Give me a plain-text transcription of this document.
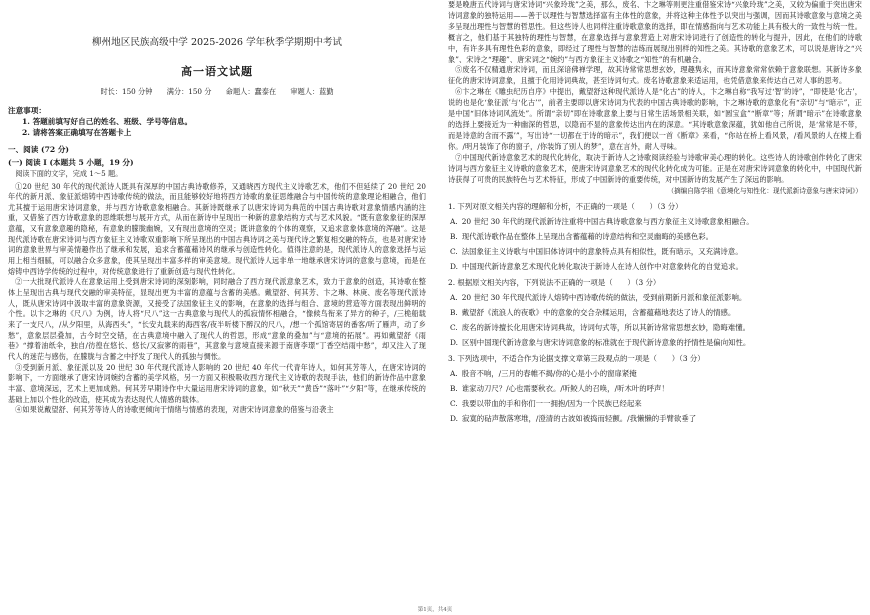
柳州地区民族高级中学 2025-2026 学年秋季学期期中考试
高一语文试题
时长：150 分钟 满分：150 分 命题人：蠢泰在 审题人：蓝勤
注意事项：
1. 答题前填写好自己的姓名、班级、学号等信息。
2. 请将答案正确填写在答题卡上
一、阅读 (72 分)
(一) 阅读 I (本题共 5 小题，19 分)
阅读下面的文字，完成 1～5 题。

①20 世纪 30 年代的现代派诗人既具有深厚的中国古典诗歌修养，又通晓西方现代主义诗歌艺术，他们不但延续了 20 世纪 20 年代的新月派、象征派熔铸中西诗歌传统的做法，而且能够较好地将西方诗歌的象征思维融合与中国传统的意象理论相融合，他们尤其擅于运用唐宋诗词意象，并与西方诗歌意象相融合。其新诗既继承了以唐宋诗词为典范的中国古典诗歌对意象情感内涵的注重，又借鉴了西方诗歌意象的思维联想与展开方式，从而在新诗中呈现出一种新的意象结构方式与艺术风貌。“既有意象象征的深厚意蕴，又有意象意趣的隐秘，有意象的朦胧幽婉，又有现出意境的空灵；既讲意象的个体的观察，又追求意象体意境的浑融”。这是现代派诗歌在唐宋诗词与西方象征主义诗歌双重影响下所呈现出的中国古典诗词之美与现代诗之繁复相交融的特点，也是对唐宋诗词的意象世界与审美情趣作出了继承和发展，追求含蓄蕴藉诗风的继承与创造性转化。值得注意的是，现代派诗人的意象选择与运用上相当细腻，可以融合众多意象，使其呈现出丰富多样的审美意境。现代派诗人远非单一地继承唐宋诗词的意象与意境，而是在熔铸中西诗学传统的过程中，对传统意象进行了重新创造与现代性转化。

②一大批现代派诗人在意象运用上受到唐宋诗词的深刻影响，同时融合了西方现代派意象艺术，致力于意象的创造，其诗歌在整体上呈现出古典与现代交融的审美特征，显现出更为丰富的意蕴与含蓄的美感。戴望舒、何其芳、卞之琳、林庚、废名等现代派诗人，既从唐宋诗词中汲取丰富的意象资源，又接受了法国象征主义的影响，在意象的选择与组合、意境的营造等方面表现出鲜明的个性。以卞之琳的《尺八》为例，诗人将“尺八”这一古典意象与现代人的孤寂情怀相融合，“像候鸟衔来了异方的种子，/三桅船载来了一支尺八，/从夕阳里，从海西头”，“长安丸载来的海西客/夜半听楼下醉汉的尺八，/想一个孤馆寄居的番客/听了雁声，动了乡愁”，意象层层叠加，古今时空交错，在古典意境中融入了现代人的哲思，形成“意象的叠加”与“意境的拓展”。再如戴望舒《雨巷》“撑着油纸伞，独自/彷徨在悠长、悠长/又寂寥的雨巷”，其意象与意境直接来源于南唐李璟“丁香空结雨中愁”，却又注入了现代人的迷茫与感伤，在朦胧与含蓄之中抒发了现代人的孤独与惆怅。

③受到新月派、象征派以及 20 世纪 30 年代现代派诗人影响的 20 世纪 40 年代一代青年诗人，如何其芳等人，在唐宋诗词的影响下，一方面继承了唐宋诗词婉约含蓄的美学风格，另一方面又积极吸收西方现代主义诗歌的表现手法，他们的新诗作品中意象丰富、意境深远，艺术上更加成熟。何其芳早期诗作中大量运用唐宋诗词的意象，如“秋天”“黄昏”“落叶”“夕阳”等，在继承传统的基础上加以个性化的改造，使其成为表达现代人情感的载体。

④如果说戴望舒、何其芳等诗人的诗歌更倾向于情绪与情感的表现，对唐宋诗词意象的借鉴与沿袭主

要是晚唐五代诗词与唐宋诗词“兴象玲珑”之美，那么，废名、卞之琳等则更注重借鉴宋诗“兴象玲珑”之美，又较为偏重于突出唐宋诗词意象的独特运用——善于以理性与智慧选择富有主体性的意象，并将这种主体性予以突出与强调，因而其诗歌意象与意境之美多呈现出理性与智慧的哲思性。但这些诗人也同样注重诗歌意象的选择，即在情感指向与艺术功能上具有极大的一致性与统一性。概言之，他们基于其独特的理性与智慧，在意象选择与意象营造上对唐宋诗词进行了创造性的转化与提升，因此，在他们的诗歌中，有许多具有理性色彩的意象，即经过了理性与智慧的洁练而展现出别样的知性之美。其诗歌的意象艺术，可以说是唐诗之“兴象”、宋诗之“理趣”、唐宋词之“婉约”与西方象征主义诗歌之“知性”的有机融合。

⑤废名不仅精通唐宋诗词，而且深谙佛禅学理，故其诗常常思想玄妙，理趣隽永，而其诗意象常常依赖于意象联想。其新诗多象征化的唐宋诗词意象，且擅于化用诗词典故，甚至诗词句式。废名诗歌意象来适运用，也凭借意象来传达自己对人事的思考。

⑥卞之琳在《雕虫纪历自序》中提出，戴望舒这种现代派诗人是“化古”的诗人，卞之琳自称“我写过‘智’的诗”，“即使是‘化古’，说的也是化‘象征派’与‘化古’”，前者主要即以唐宋诗词为代表的中国古典诗歌的影响，卞之琳诗歌的意象化有“亲切”与“暗示”，正是中国“旧体诗词风流处”。所谓“亲切”即在诗歌意象上要与日常生活场景相关联，如“圆宝盒”“断章”等；所谓“暗示”在诗歌意象的选择上要接近为一种幽深的哲思，以隐而不显的意象传达出内在的深意。“其诗歌意象深蕴，犹如他自己所说，是‘常常是不带，而是诗意的含而不露’”，写出诗“一切都在于诗的暗示”，我们便以一首《断章》来看，“你站在桥上看风景，/看风景的人在楼上看你。/明月装饰了你的窗子，/你装饰了别人的梦”，意在言外，耐人寻味。

⑦中国现代新诗意象艺术的现代化转化，取决于新诗人之诗歌阅读经验与诗歌审美心理的转化。这些诗人的诗歌创作转化了唐宋诗词与西方象征主义诗歌的意象艺术，使唐宋诗词意象艺术的现代化转化成为可能。正是在对唐宋诗词意象的转化中，中国现代新诗获得了可贵的民族特色与艺术特征，形成了中国新诗的重要传统，对中国新诗的发展产生了深远的影响。

（摘编自陈学祖《意境化与知性化：现代派新诗意象与唐宋诗词》）
1. 下列对原文相关内容的理解和分析，不正确的一项是（　　）（3 分）
A. 20 世纪 30 年代的现代派新诗注重将中国古典诗歌意象与西方象征主义诗歌意象相融合。
B. 现代派诗歌作品在整体上呈现出含蓄蕴藉的诗意结构和空灵幽晦的美感色彩。
C. 法国象征主义诗歌与中国旧体诗词中的意象特点具有相似性，既有暗示，又充满诗意。
D. 中国现代新诗意象艺术现代化转化取决于新诗人在诗人创作中对意象转化的自觉追求。
2. 根据原文相关内容，下列说法不正确的一项是（　　）（3 分）
A. 20 世纪 30 年代现代派诗人熔铸中西诗歌传统的做法，受到前期新月派和象征派影响。
B. 戴望舒《流浪人的夜歌》中的意象的交合杂糅运用，含蓄蕴藉地表达了诗人的情感。
C. 废名的新诗擅长化用唐宋诗词典故，诗词句式等，所以其新诗常常思想玄妙，隐晦难懂。
D. 区别中国现代新诗意象与唐宋诗词意象的标准就在于现代新诗意象的抒情性是偏向知性。
3. 下列选项中，不适合作为论据支撑文章第三段观点的一项是（　　）（3 分）
A. 殷音不响，/三月的春帷不揭/你的心是小小的窗扉紧掩
B. 谁家动刀尺？/心也需要秋衣。/听鲛人的召唤，/听木叶的呼声！
C. 我要以带血的手和你们一一拥抱/因为一个民族已经起来
D. 寂寞的砧声散落寒堆，/澄清的古波如被捣而轻颤。/我懒懒的手臂欲垂了
第1页，共4页
